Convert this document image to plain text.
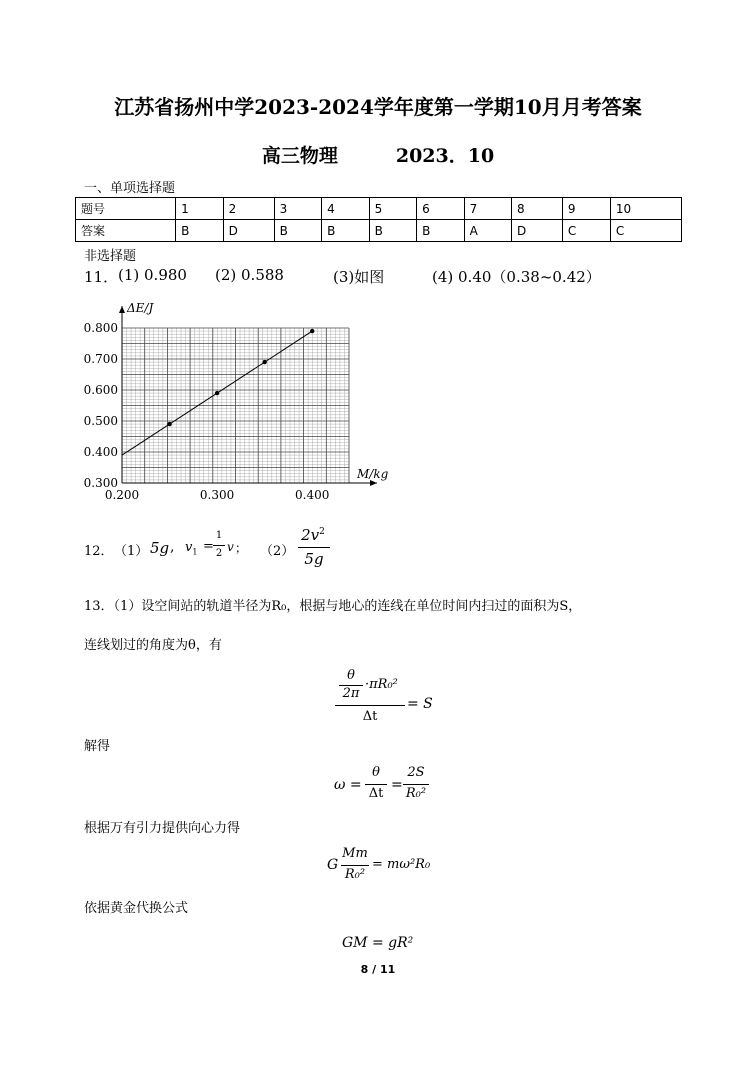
江苏省扬州中学2023-2024学年度第一学期10月月考答案
高三物理	2023．10
一、单项选择题
题号	1	2	3	4	5	6	7	8	9	10
答案	B	D	B	B	B	B	A	D	C	C
非选择题
11． (1) 0.980 (2) 0.588	(3)如图	(4) 0.40（0.38~0.42）
0.300
0.400
0.500
0.600
0.700
0.800
0.200	0.300	0.400
ΔE/J
M/kg
12． （1） 5g , $v_1$ =
1
2 v ； （2）
$2v^2$
5g
13．（1）设空间站的轨道半径为R₀，根据与地心的连线在单位时间内扫过的面积为S，
连线划过的角度为θ，有
θ
2π
·πR₀²
Δt
= S
解得
ω =
θ
Δt
=
2S
R₀²
根据万有引力提供向心力得
G
Mm
R₀²
= mω²R₀
依据黄金代换公式
GM = gR²
8 / 11
